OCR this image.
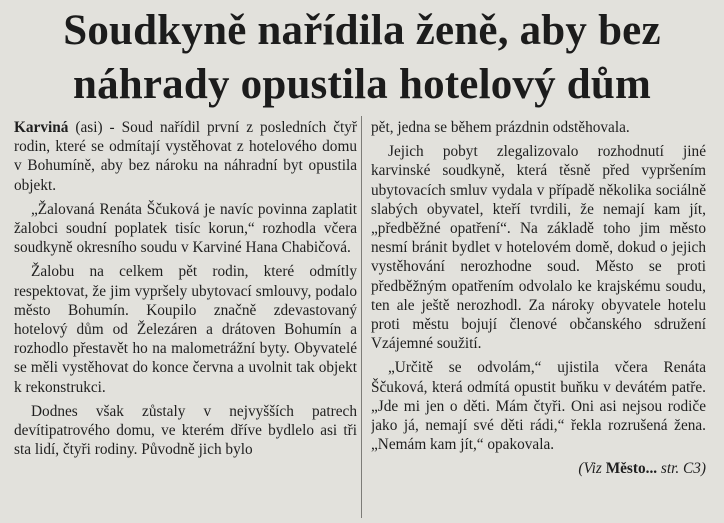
Soudkyně nařídila ženě, aby bez
náhrady opustila hotelový dům

Karviná (asi) - Soud nařídil první z posledních čtyř rodin, které se odmítají vystěhovat z hotelového domu v Bohumíně, aby bez nároku na náhradní byt opustila objekt.

„Žalovaná Renáta Ščuková je navíc povinna zaplatit žalobci soudní poplatek tisíc korun,“ rozhodla včera soudkyně okresního soudu v Karviné Hana Chabičová.

Žalobu na celkem pět rodin, které odmítly respektovat, že jim vypršely ubytovací smlouvy, podalo město Bohumín. Koupilo značně zdevastovaný hotelový dům od Železáren a drátoven Bohumín a rozhodlo přestavět ho na malometrážní byty. Obyvatelé se měli vystěhovat do konce června a uvolnit tak objekt k rekonstrukci.

Dodnes však zůstaly v nejvyšších patrech devítipatrového domu, ve kterém dříve bydlelo asi tři sta lidí, čtyři rodiny. Původně jich bylo

pět, jedna se během prázdnin odstěhovala.

Jejich pobyt zlegalizovalo rozhodnutí jiné karvinské soudkyně, která těsně před vypršením ubytovacích smluv vydala v případě několika sociálně slabých obyvatel, kteří tvrdili, že nemají kam jít, „předběžné opatření“. Na základě toho jim město nesmí bránit bydlet v hotelovém domě, dokud o jejich vystěhování nerozhodne soud. Město se proti předběžným opatřením odvolalo ke krajskému soudu, ten ale ještě nerozhodl. Za nároky obyvatele hotelu proti městu bojují členové občanského sdružení Vzájemné soužití.

„Určitě se odvolám,“ ujistila včera Renáta Ščuková, která odmítá opustit buňku v devátém patře. „Jde mi jen o děti. Mám čtyři. Oni asi nejsou rodiče jako já, nemají své děti rádi,“ řekla rozrušená žena. „Nemám kam jít,“ opakovala.

(Viz Město... str. C3)
